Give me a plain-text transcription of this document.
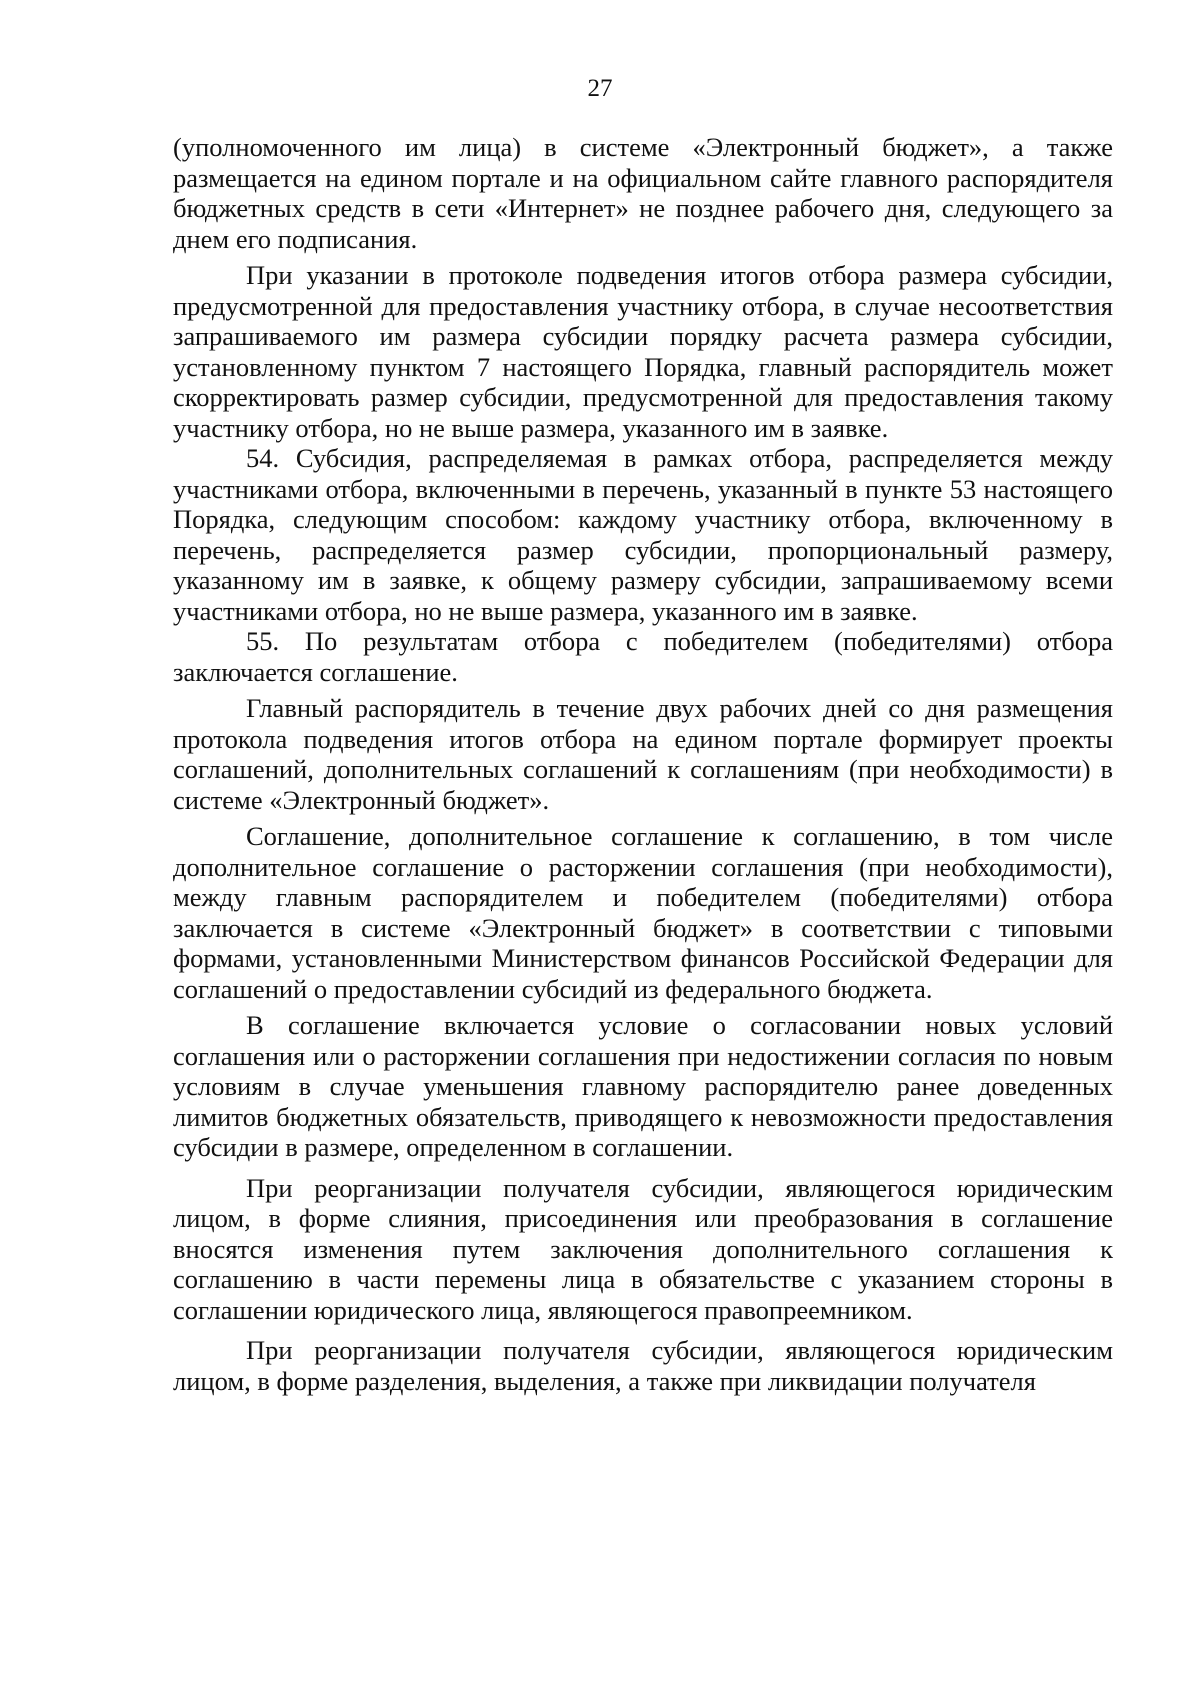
27

(уполномоченного им лица) в системе «Электронный бюджет», а также размещается на едином портале и на официальном сайте главного распорядителя бюджетных средств в сети «Интернет» не позднее рабочего дня, следующего за днем его подписания.

При указании в протоколе подведения итогов отбора размера субсидии, предусмотренной для предоставления участнику отбора, в случае несоответствия запрашиваемого им размера субсидии порядку расчета размера субсидии, установленному пунктом 7 настоящего Порядка, главный распорядитель может скорректировать размер субсидии, предусмотренной для предоставления такому участнику отбора, но не выше размера, указанного им в заявке.

54. Субсидия, распределяемая в рамках отбора, распределяется между участниками отбора, включенными в перечень, указанный в пункте 53 настоящего Порядка, следующим способом: каждому участнику отбора, включенному в перечень, распределяется размер субсидии, пропорциональный размеру, указанному им в заявке, к общему размеру субсидии, запрашиваемому всеми участниками отбора, но не выше размера, указанного им в заявке.

55. По результатам отбора с победителем (победителями) отбора заключается соглашение.

Главный распорядитель в течение двух рабочих дней со дня размещения протокола подведения итогов отбора на едином портале формирует проекты соглашений, дополнительных соглашений к соглашениям (при необходимости) в системе «Электронный бюджет».

Соглашение, дополнительное соглашение к соглашению, в том числе дополнительное соглашение о расторжении соглашения (при необходимости), между главным распорядителем и победителем (победителями) отбора заключается в системе «Электронный бюджет» в соответствии с типовыми формами, установленными Министерством финансов Российской Федерации для соглашений о предоставлении субсидий из федерального бюджета.

В соглашение включается условие о согласовании новых условий соглашения или о расторжении соглашения при недостижении согласия по новым условиям в случае уменьшения главному распорядителю ранее доведенных лимитов бюджетных обязательств, приводящего к невозможности предоставления субсидии в размере, определенном в соглашении.

При реорганизации получателя субсидии, являющегося юридическим лицом, в форме слияния, присоединения или преобразования в соглашение вносятся изменения путем заключения дополнительного соглашения к соглашению в части перемены лица в обязательстве с указанием стороны в соглашении юридического лица, являющегося правопреемником.

При реорганизации получателя субсидии, являющегося юридическим лицом, в форме разделения, выделения, а также при ликвидации получателя
